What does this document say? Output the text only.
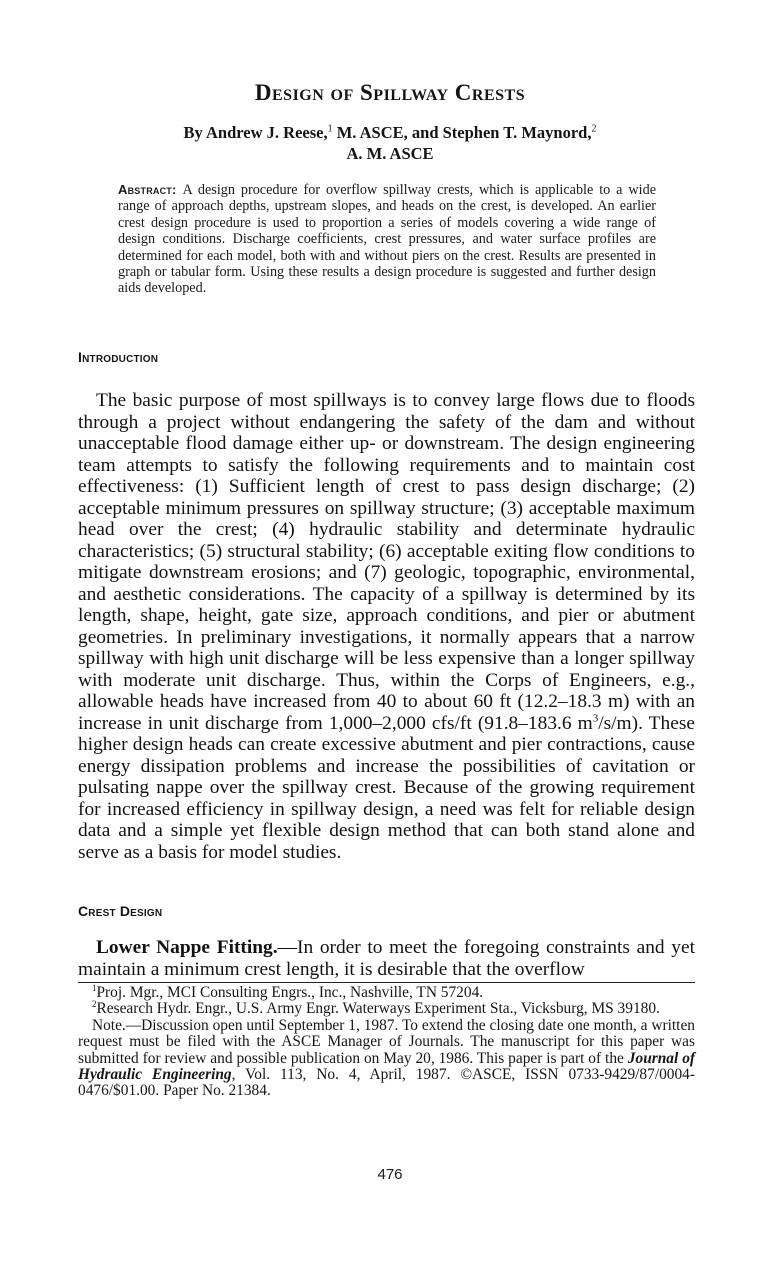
Design of Spillway Crests
By Andrew J. Reese,$^1$ M. ASCE, and Stephen T. Maynord,$^2$
A. M. ASCE
Abstract: A design procedure for overflow spillway crests, which is applicable to a wide range of approach depths, upstream slopes, and heads on the crest, is developed. An earlier crest design procedure is used to proportion a series of models covering a wide range of design conditions. Discharge coefficients, crest pressures, and water surface profiles are determined for each model, both with and without piers on the crest. Results are presented in graph or tabular form. Using these results a design procedure is suggested and further design aids developed.
Introduction

The basic purpose of most spillways is to convey large flows due to floods through a project without endangering the safety of the dam and without unacceptable flood damage either up- or downstream. The design engineering team attempts to satisfy the following requirements and to maintain cost effectiveness: (1) Sufficient length of crest to pass design discharge; (2) acceptable minimum pressures on spillway structure; (3) acceptable maximum head over the crest; (4) hydraulic stability and determinate hydraulic characteristics; (5) structural stability; (6) acceptable exiting flow conditions to mitigate downstream erosions; and (7) geologic, topographic, environmental, and aesthetic considerations. The capacity of a spillway is determined by its length, shape, height, gate size, approach conditions, and pier or abutment geometries. In preliminary investigations, it normally appears that a narrow spillway with high unit discharge will be less expensive than a longer spillway with moderate unit discharge. Thus, within the Corps of Engineers, e.g., allowable heads have increased from 40 to about 60 ft (12.2–18.3 m) with an increase in unit discharge from 1,000–2,000 cfs/ft (91.8–183.6 $m^3/s/m$). These higher design heads can create excessive abutment and pier contractions, cause energy dissipation problems and increase the possibilities of cavitation or pulsating nappe over the spillway crest. Because of the growing requirement for increased efficiency in spillway design, a need was felt for reliable design data and a simple yet flexible design method that can both stand alone and serve as a basis for model studies.

Crest Design

Lower Nappe Fitting.—In order to meet the foregoing constraints and yet maintain a minimum crest length, it is desirable that the overflow

$^1$Proj. Mgr., MCI Consulting Engrs., Inc., Nashville, TN 57204.

$^2$Research Hydr. Engr., U.S. Army Engr. Waterways Experiment Sta., Vicksburg, MS 39180.

Note.—Discussion open until September 1, 1987. To extend the closing date one month, a written request must be filed with the ASCE Manager of Journals. The manuscript for this paper was submitted for review and possible publication on May 20, 1986. This paper is part of the Journal of Hydraulic Engineering, Vol. 113, No. 4, April, 1987. ©ASCE, ISSN 0733-9429/87/0004-0476/$01.00. Paper No. 21384.

476
